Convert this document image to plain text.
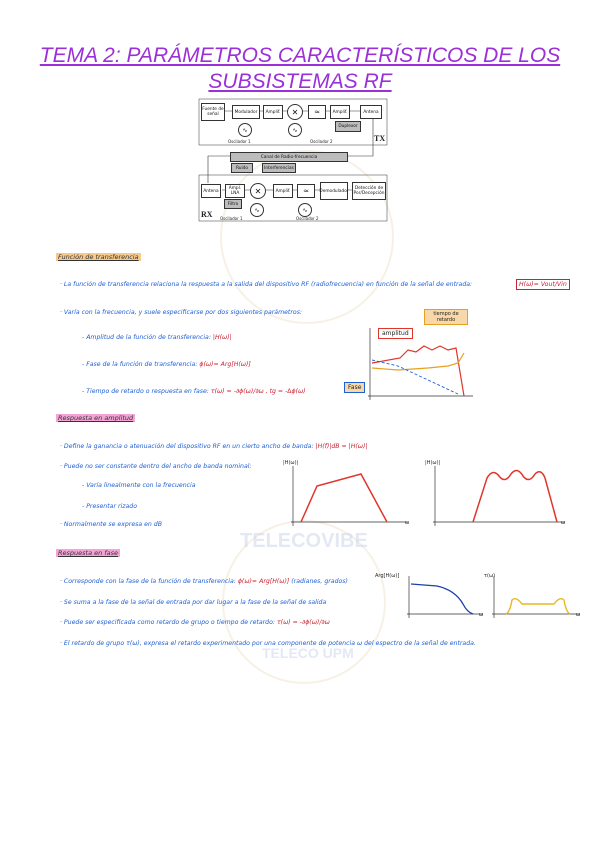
TELECOVIBE
TELECO UPM
TEMA 2: PARÁMETROS CARACTERÍSTICOS DE LOS
SUBSISTEMAS RF
Fuente de señal	Modulador	Amplif.	✕	≈	Amplif.	Antena
Duplexor
∿	∿
Oscilador 1	Oscilador 2	TX
Canal de Radio-frecuencia
Ruido	Interferencias
Antena	Ampl. LNA
Filtro
✕	Amplif.	≈	Demodulador	Detección de Por/Decepción
∿	∿
Oscilador 1	Oscilador 2
RX
Función de transferencia
· La función de transferencia relaciona la respuesta a la salida del dispositivo RF (radiofrecuencia) en función de la señal de entrada:	H(ω)= Vout/Vin
· Varía con la frecuencia, y suele especificarse por dos siguientes parámetros:
- Amplitud de la función de transferencia: |H(ω)|
- Fase de la función de transferencia: ϕ(ω)= Arg[H(ω)]
- Tiempo de retardo o respuesta en fase: τ(ω) = -∂ϕ(ω)/∂ω , tg = -∆ϕ(ω)
amplitud
tiempo de retardo
Fase
Respuesta en amplitud
· Define la ganancia o atenuación del dispositivo RF en un cierto ancho de banda: |H(f)|dB = |H(ω)|
· Puede no ser constante dentro del ancho de banda nominal:
- Varía linealmente con la frecuencia
- Presentar rizado
· Normalmente se expresa en dB
|H(ω)|
ω
|H(ω)|
ω
Respuesta en fase
· Corresponde con la fase de la función de transferencia: ϕ(ω)= Arg[H(ω)] (radianes, grados)
· Se suma a la fase de la señal de entrada por dar lugar a la fase de la señal de salida
· Puede ser especificada como retardo de grupo o tiempo de retardo: τ(ω) = -∂ϕ(ω)/∂ω
· El retardo de grupo τ(ω), expresa el retardo experimentado por una componente de potencia ω del espectro de la señal de entrada.
Arg[H(ω)]
ω
τ(ω)
ω
